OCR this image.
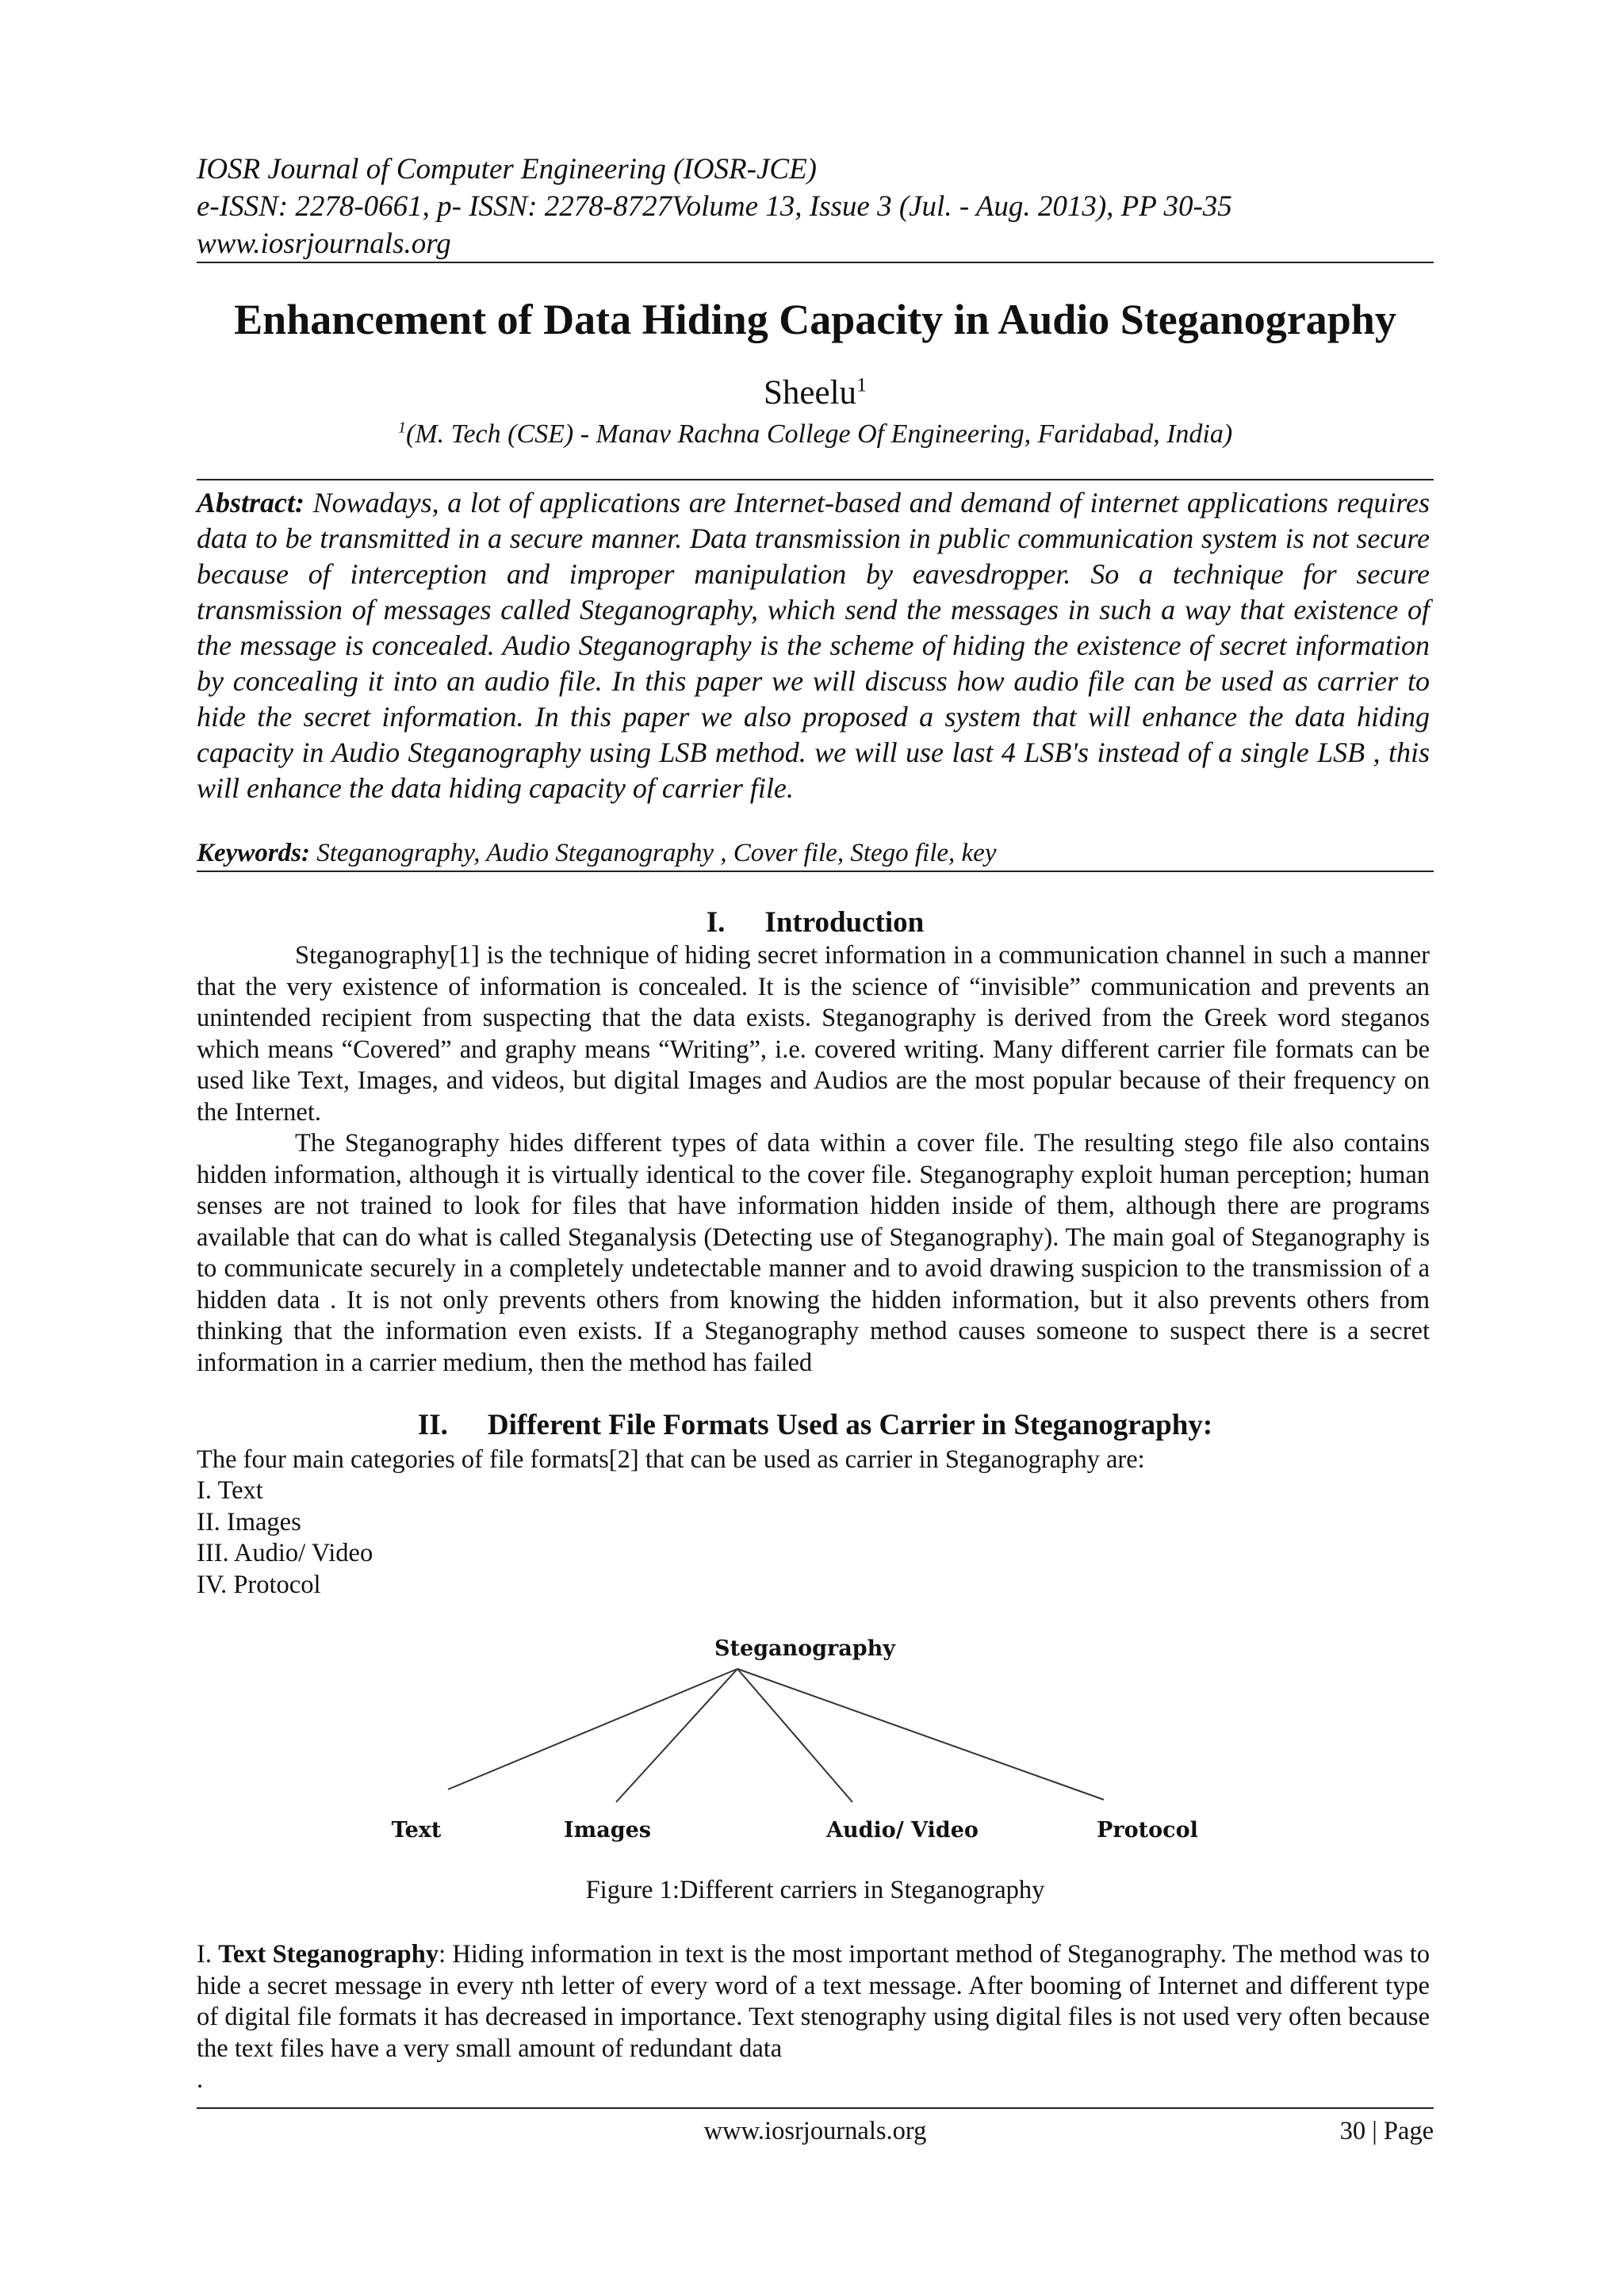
IOSR Journal of Computer Engineering (IOSR-JCE)
e-ISSN: 2278-0661, p- ISSN: 2278-8727Volume 13, Issue 3 (Jul. - Aug. 2013), PP 30-35
www.iosrjournals.org
Enhancement of Data Hiding Capacity in Audio Steganography
Sheelu$^1$
$^1$(M. Tech (CSE) - Manav Rachna College Of Engineering, Faridabad, India)
Abstract: Nowadays, a lot of applications are Internet-based and demand of internet applications requires data to be transmitted in a secure manner. Data transmission in public communication system is not secure because of interception and improper manipulation by eavesdropper. So a technique for secure transmission of messages called Steganography, which send the messages in such a way that existence of the message is concealed. Audio Steganography is the scheme of hiding the existence of secret information by concealing it into an audio file. In this paper we will discuss how audio file can be used as carrier to hide the secret information. In this paper we also proposed a system that will enhance the data hiding capacity in Audio Steganography using LSB method. we will use last 4 LSB's instead of a single LSB , this will enhance the data hiding capacity of carrier file.
Keywords: Steganography, Audio Steganography , Cover file, Stego file, key
I. Introduction

Steganography[1] is the technique of hiding secret information in a communication channel in such a manner that the very existence of information is concealed. It is the science of “invisible” communication and prevents an unintended recipient from suspecting that the data exists. Steganography is derived from the Greek word steganos which means “Covered” and graphy means “Writing”, i.e. covered writing. Many different carrier file formats can be used like Text, Images, and videos, but digital Images and Audios are the most popular because of their frequency on the Internet.

The Steganography hides different types of data within a cover file. The resulting stego file also contains hidden information, although it is virtually identical to the cover file. Steganography exploit human perception; human senses are not trained to look for files that have information hidden inside of them, although there are programs available that can do what is called Steganalysis (Detecting use of Steganography). The main goal of Steganography is to communicate securely in a completely undetectable manner and to avoid drawing suspicion to the transmission of a hidden data . It is not only prevents others from knowing the hidden information, but it also prevents others from thinking that the information even exists. If a Steganography method causes someone to suspect there is a secret information in a carrier medium, then the method has failed

II. Different File Formats Used as Carrier in Steganography:
The four main categories of file formats[2] that can be used as carrier in Steganography are:
I. Text
II. Images
III. Audio/ Video
IV. Protocol
Steganography
Text	Images	Audio/ Video	Protocol
Figure 1:Different carriers in Steganography

I. Text Steganography: Hiding information in text is the most important method of Steganography. The method was to hide a secret message in every nth letter of every word of a text message. After booming of Internet and different type of digital file formats it has decreased in importance. Text stenography using digital files is not used very often because the text files have a very small amount of redundant data

.

www.iosrjournals.org	30 | Page
